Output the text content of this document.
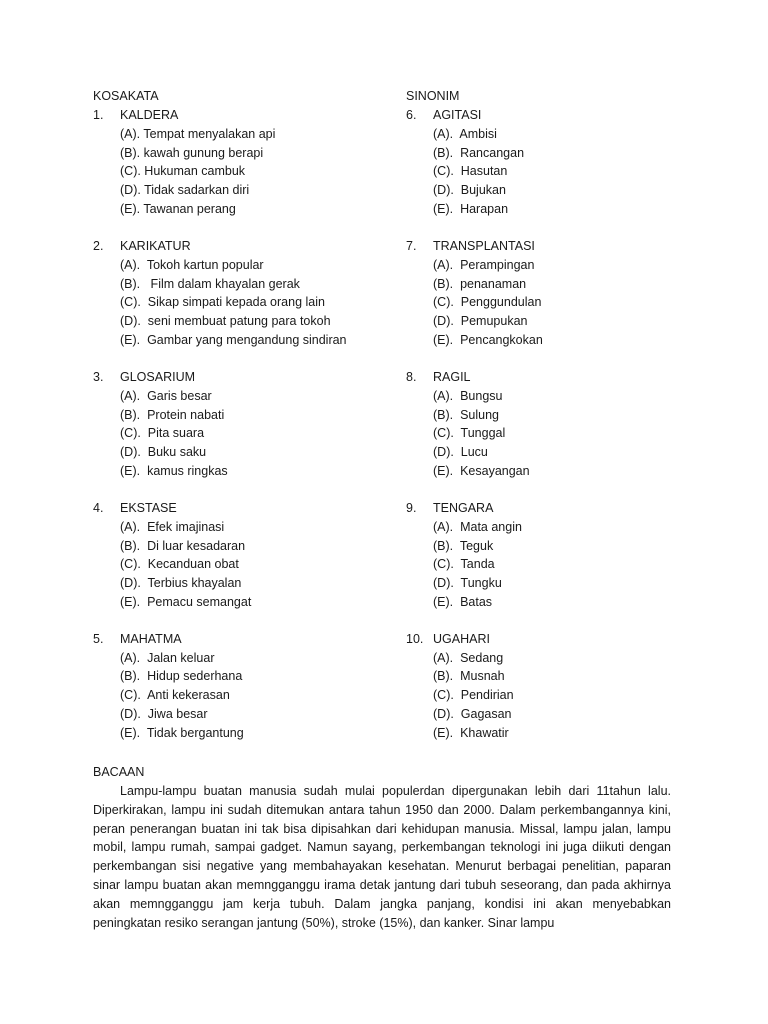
KOSAKATA
1.	KALDERA
(A). Tempat menyalakan api
(B). kawah gunung berapi
(C). Hukuman cambuk
(D). Tidak sadarkan diri
(E). Tawanan perang
2.	KARIKATUR
(A).  Tokoh kartun popular
(B).   Film dalam khayalan gerak
(C).  Sikap simpati kepada orang lain
(D).  seni membuat patung para tokoh
(E).  Gambar yang mengandung sindiran
3.	GLOSARIUM
(A).  Garis besar
(B).  Protein nabati
(C).  Pita suara
(D).  Buku saku
(E).  kamus ringkas
4.	EKSTASE
(A).  Efek imajinasi
(B).  Di luar kesadaran
(C).  Kecanduan obat
(D).  Terbius khayalan
(E).  Pemacu semangat
5.	MAHATMA
(A).  Jalan keluar
(B).  Hidup sederhana
(C).  Anti kekerasan
(D).  Jiwa besar
(E).  Tidak bergantung
SINONIM
6.	AGITASI
(A).  Ambisi
(B).  Rancangan
(C).  Hasutan
(D).  Bujukan
(E).  Harapan
7.	TRANSPLANTASI
(A).  Perampingan
(B).  penanaman
(C).  Penggundulan
(D).  Pemupukan
(E).  Pencangkokan
8.	RAGIL
(A).  Bungsu
(B).  Sulung
(C).  Tunggal
(D).  Lucu
(E).  Kesayangan
9.	TENGARA
(A).  Mata angin
(B).  Teguk
(C).  Tanda
(D).  Tungku
(E).  Batas
10. UGAHARI
(A).  Sedang
(B).  Musnah
(C).  Pendirian
(D).  Gagasan
(E).  Khawatir
BACAAN

Lampu-lampu buatan manusia sudah mulai populerdan dipergunakan lebih dari 11tahun lalu. Diperkirakan, lampu ini sudah ditemukan antara tahun 1950 dan 2000. Dalam perkembangannya kini, peran penerangan buatan ini tak bisa dipisahkan dari kehidupan manusia. Missal, lampu jalan, lampu mobil, lampu rumah, sampai gadget. Namun sayang, perkembangan teknologi ini juga diikuti dengan perkembangan sisi negative yang membahayakan kesehatan. Menurut berbagai penelitian, paparan sinar lampu buatan akan memngganggu irama detak jantung dari tubuh seseorang, dan pada akhirnya akan memngganggu jam kerja tubuh. Dalam jangka panjang, kondisi ini akan menyebabkan peningkatan resiko serangan jantung (50%), stroke (15%), dan kanker. Sinar lampu
